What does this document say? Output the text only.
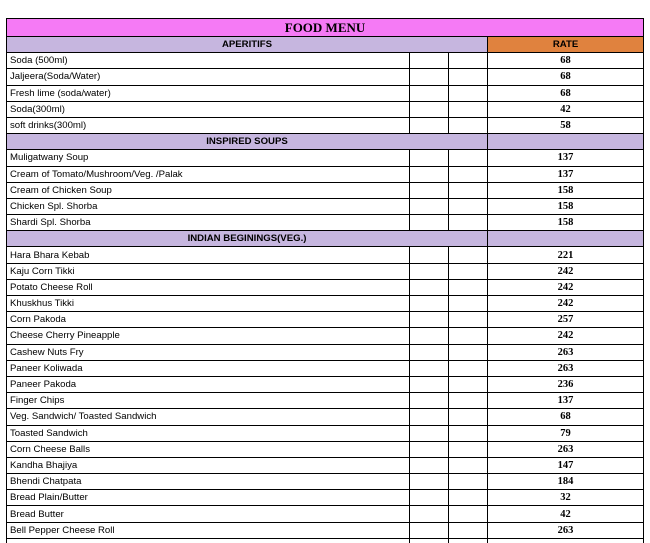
FOOD MENU			
APERITIFS			RATE
Soda (500ml)			68
Jaljeera(Soda/Water)			68
Fresh lime (soda/water)			68
Soda(300ml)			42
soft drinks(300ml)			58
INSPIRED SOUPS			
Muligatwany Soup			137
Cream of Tomato/Mushroom/Veg. /Palak			137
Cream of Chicken Soup			158
Chicken Spl. Shorba			158
Shardi Spl. Shorba			158
INDIAN BEGININGS(VEG.)			
Hara Bhara Kebab			221
Kaju Corn Tikki			242
Potato Cheese Roll			242
Khuskhus Tikki			242
Corn Pakoda			257
Cheese Cherry Pineapple			242
Cashew Nuts Fry			263
Paneer Koliwada			263
Paneer Pakoda			236
Finger Chips			137
Veg. Sandwich/ Toasted Sandwich			68
Toasted Sandwich			79
Corn Cheese Balls			263
Kandha Bhajiya			147
Bhendi Chatpata			184
Bread Plain/Butter			32
Bread Butter			42
Bell Pepper Cheese Roll			263
